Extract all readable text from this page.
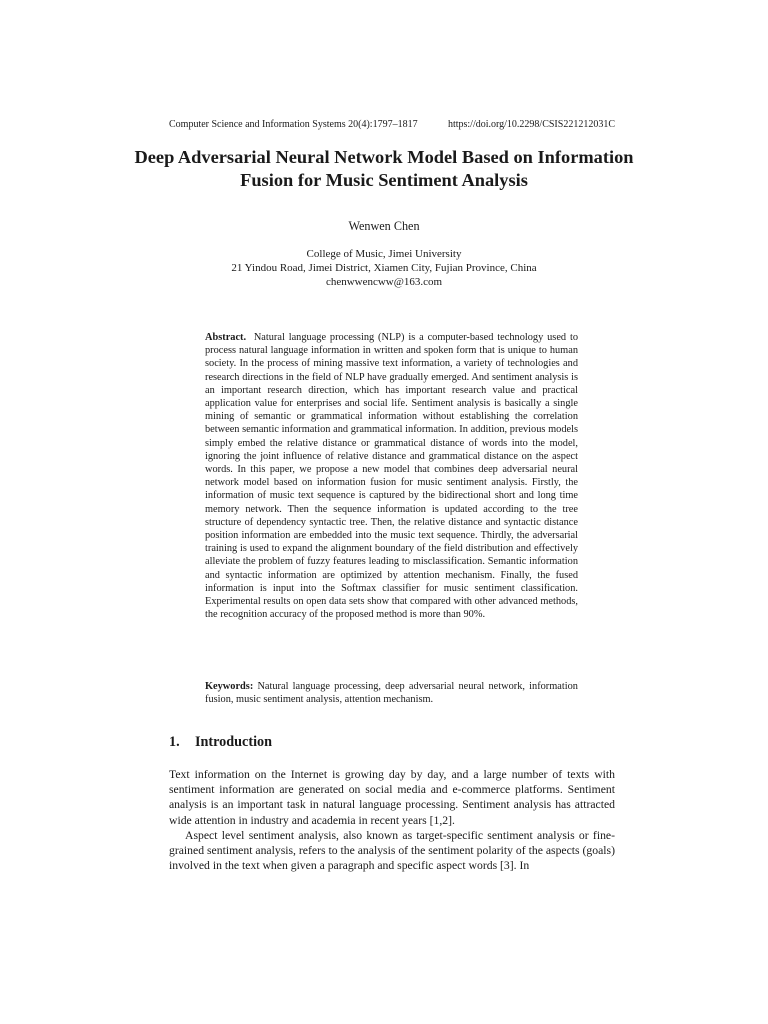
Computer Science and Information Systems 20(4):1797–1817	https://doi.org/10.2298/CSIS221212031C
Deep Adversarial Neural Network Model Based on Information Fusion for Music Sentiment Analysis
Wenwen Chen
College of Music, Jimei University
21 Yindou Road, Jimei District, Xiamen City, Fujian Province, China
chenwwencww@163.com
Abstract. Natural language processing (NLP) is a computer-based technology used to process natural language information in written and spoken form that is unique to human society. In the process of mining massive text information, a variety of technologies and research directions in the field of NLP have gradually emerged. And sentiment analysis is an important research direction, which has important research value and practical application value for enterprises and social life. Sentiment analysis is basically a single mining of semantic or grammatical information without establishing the correlation between semantic information and grammatical information. In addition, previous models simply embed the relative distance or grammatical distance of words into the model, ignoring the joint influence of relative distance and grammatical distance on the aspect words. In this paper, we propose a new model that combines deep adversarial neural network model based on information fusion for music sentiment analysis. Firstly, the information of music text sequence is captured by the bidirectional short and long time memory network. Then the sequence information is updated according to the tree structure of dependency syntactic tree. Then, the relative distance and syntactic distance position information are embedded into the music text sequence. Thirdly, the adversarial training is used to expand the alignment boundary of the field distribution and effectively alleviate the problem of fuzzy features leading to misclassification. Semantic information and syntactic information are optimized by attention mechanism. Finally, the fused information is input into the Softmax classifier for music sentiment classification. Experimental results on open data sets show that compared with other advanced methods, the recognition accuracy of the proposed method is more than 90%.
Keywords: Natural language processing, deep adversarial neural network, information fusion, music sentiment analysis, attention mechanism.
1. Introduction

Text information on the Internet is growing day by day, and a large number of texts with sentiment information are generated on social media and e-commerce platforms. Sentiment analysis is an important task in natural language processing. Sentiment analysis has attracted wide attention in industry and academia in recent years [1,2].

Aspect level sentiment analysis, also known as target-specific sentiment analysis or fine-grained sentiment analysis, refers to the analysis of the sentiment polarity of the aspects (goals) involved in the text when given a paragraph and specific aspect words [3]. In
